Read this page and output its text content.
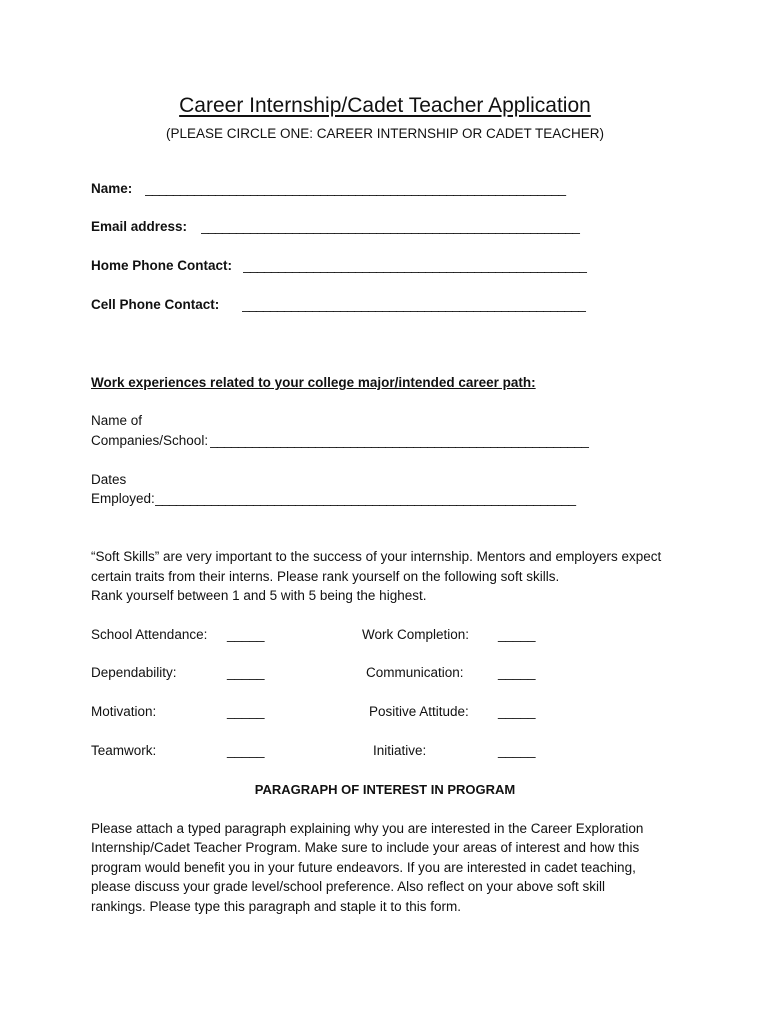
Career Internship/Cadet Teacher Application
(PLEASE CIRCLE ONE: CAREER INTERNSHIP OR CADET TEACHER)
Name: ____________________________________________________________
Email address: ______________________________________________________
Home Phone Contact: _________________________________________________
Cell Phone Contact: _________________________________________________
Work experiences related to your college major/intended career path:
Name of
Companies/School: ______________________________________________________
Dates
Employed: ____________________________________________________________
“Soft Skills” are very important to the success of your internship. Mentors and employers expect
certain traits from their interns. Please rank yourself on the following soft skills.
Rank yourself between 1 and 5 with 5 being the highest.
School Attendance: _____	Work Completion: _____
Dependability:	_____	Communication:	_____
Motivation:	_____	Positive Attitude: _____
Teamwork:	_____	Initiative:	_____
PARAGRAPH OF INTEREST IN PROGRAM
Please attach a typed paragraph explaining why you are interested in the Career Exploration
Internship/Cadet Teacher Program. Make sure to include your areas of interest and how this
program would benefit you in your future endeavors. If you are interested in cadet teaching,
please discuss your grade level/school preference. Also reflect on your above soft skill
rankings. Please type this paragraph and staple it to this form.
